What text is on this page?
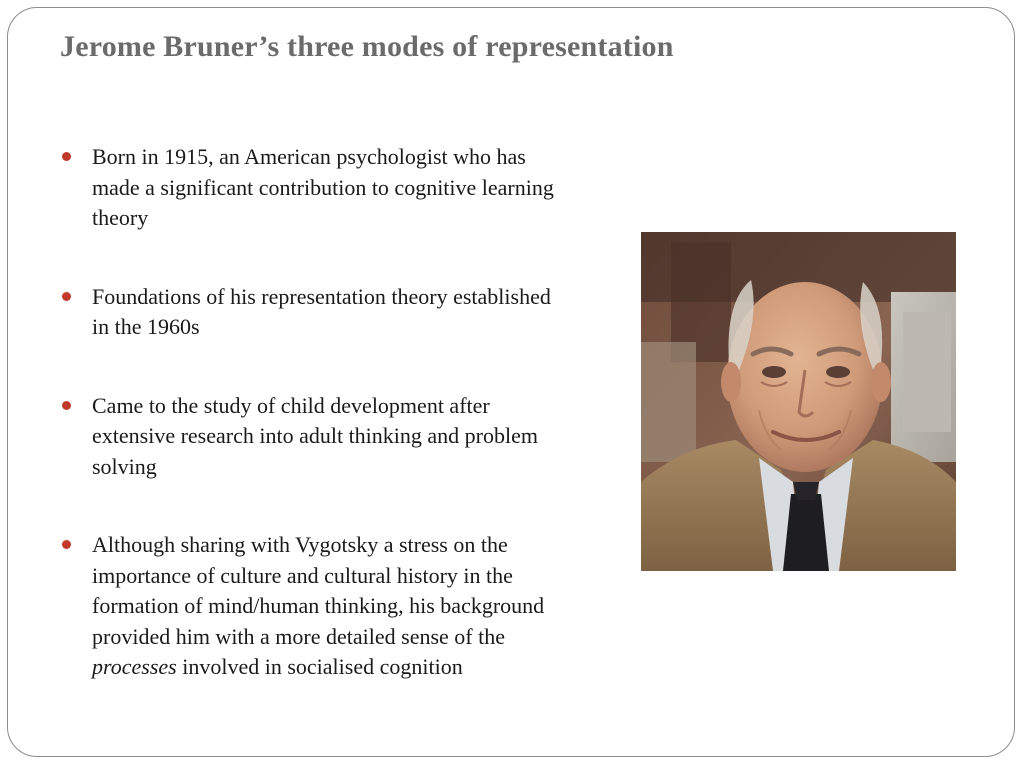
Jerome Bruner’s three modes of representation
Born in 1915, an American psychologist who has made a significant contribution to cognitive learning theory
Foundations of his representation theory established in the 1960s
Came to the study of child development after extensive research into adult thinking and problem solving
Although sharing with Vygotsky a stress on the importance of culture and cultural history in the formation of mind/human thinking, his background provided him with a more detailed sense of the processes involved in socialised cognition
